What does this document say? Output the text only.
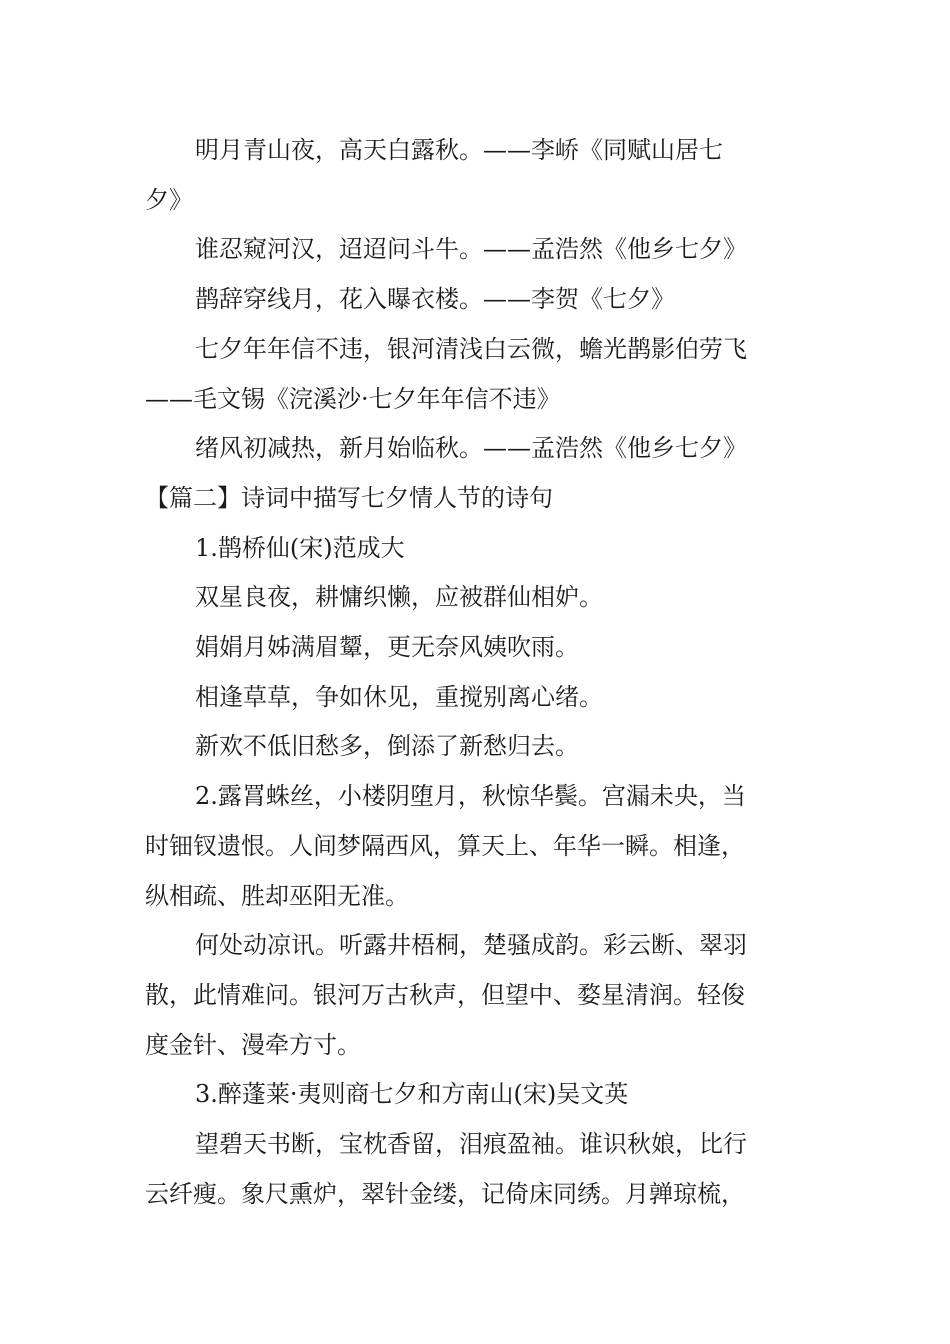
明月青山夜，高天白露秋。——李峤《同赋山居七
夕》
谁忍窥河汉，迢迢问斗牛。——孟浩然《他乡七夕》
鹊辞穿线月，花入曝衣楼。——李贺《七夕》
七夕年年信不违，银河清浅白云微，蟾光鹊影伯劳飞
——毛文锡《浣溪沙·七夕年年信不违》
绪风初减热，新月始临秋。——孟浩然《他乡七夕》
【篇二】诗词中描写七夕情人节的诗句
1.鹊桥仙(宋)范成大
双星良夜，耕慵织懒，应被群仙相妒。
娟娟月姊满眉颦，更无奈风姨吹雨。
相逢草草，争如休见，重搅别离心绪。
新欢不低旧愁多，倒添了新愁归去。
2.露罥蛛丝，小楼阴堕月，秋惊华鬓。宫漏未央，当
时钿钗遗恨。人间梦隔西风，算天上、年华一瞬。相逢，
纵相疏、胜却巫阳无准。
何处动凉讯。听露井梧桐，楚骚成韵。彩云断、翠羽
散，此情难问。银河万古秋声，但望中、婺星清润。轻俊
度金针、漫牵方寸。
3.醉蓬莱·夷则商七夕和方南山(宋)吴文英
望碧天书断，宝枕香留，泪痕盈袖。谁识秋娘，比行
云纤瘦。象尺熏炉，翠针金缕，记倚床同绣。月亸琼梳，
